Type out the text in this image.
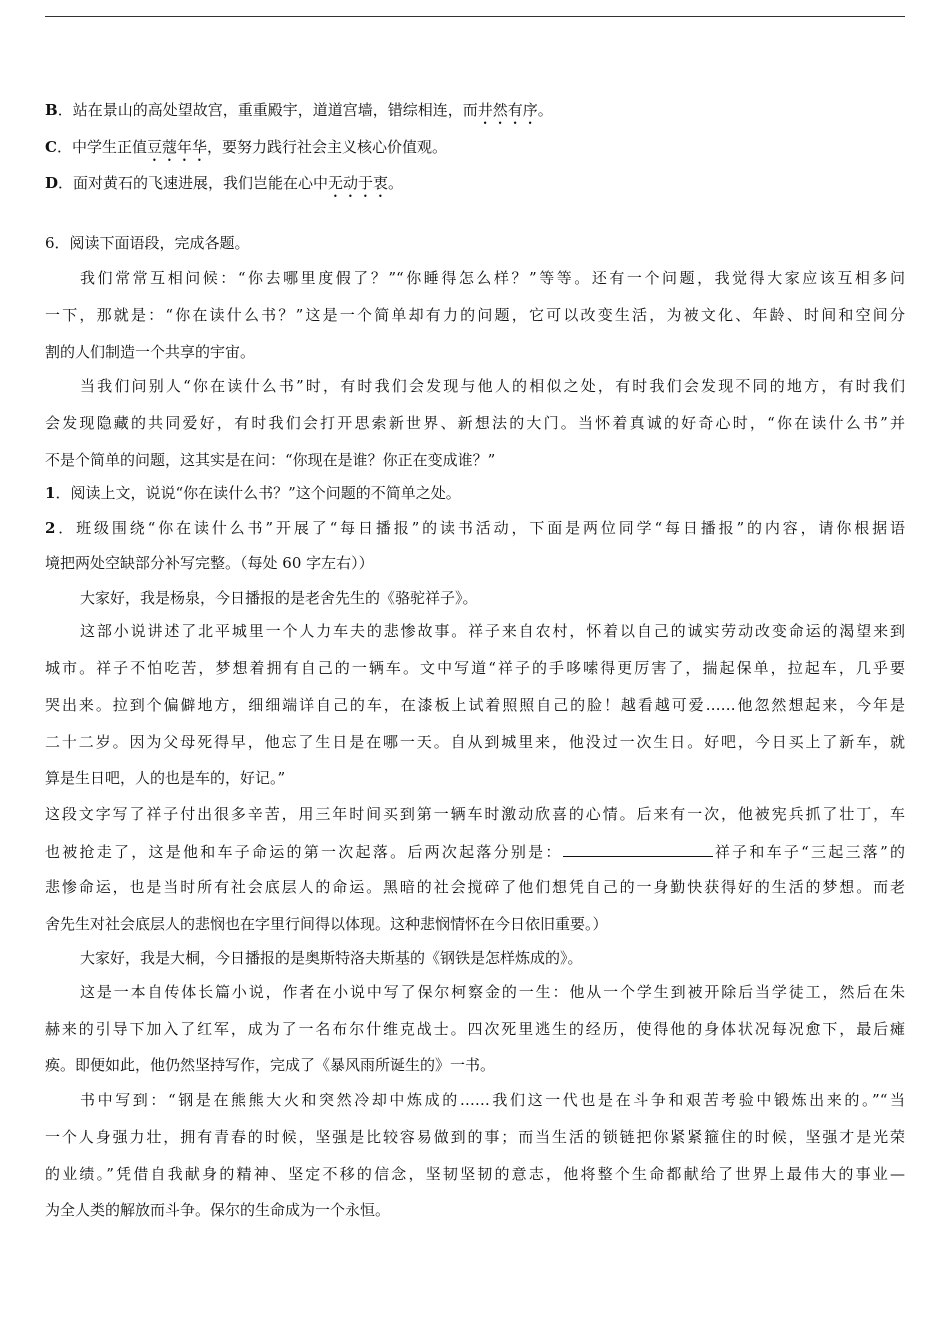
B．站在景山的高处望故宫，重重殿宇，道道宫墙，错综相连，而井然有序。
C．中学生正值豆蔻年华，要努力践行社会主义核心价值观。
D．面对黄石的飞速进展，我们岂能在心中无动于衷。
6．阅读下面语段，完成各题。
我们常常互相问候：“你去哪里度假了？”“你睡得怎么样？”等等。还有一个问题，我觉得大家应该互相多问
一下，那就是：“你在读什么书？”这是一个简单却有力的问题，它可以改变生活，为被文化、年龄、时间和空间分
割的人们制造一个共享的宇宙。
当我们问别人“你在读什么书”时，有时我们会发现与他人的相似之处，有时我们会发现不同的地方，有时我们
会发现隐藏的共同爱好，有时我们会打开思索新世界、新想法的大门。当怀着真诚的好奇心时，“你在读什么书”并
不是个简单的问题，这其实是在问：“你现在是谁？你正在变成谁？”
1．阅读上文，说说“你在读什么书？”这个问题的不简单之处。
2．班级围绕“你在读什么书”开展了“每日播报”的读书活动，下面是两位同学“每日播报”的内容，请你根据语
境把两处空缺部分补写完整。（每处 60 字左右））
大家好，我是杨泉，今日播报的是老舍先生的《骆驼祥子》。
这部小说讲述了北平城里一个人力车夫的悲惨故事。祥子来自农村，怀着以自己的诚实劳动改变命运的渴望来到
城市。祥子不怕吃苦，梦想着拥有自己的一辆车。文中写道“祥子的手哆嗦得更厉害了，揣起保单，拉起车，几乎要
哭出来。拉到个偏僻地方，细细端详自己的车，在漆板上试着照照自己的脸！越看越可爱……他忽然想起来，今年是
二十二岁。因为父母死得早，他忘了生日是在哪一天。自从到城里来，他没过一次生日。好吧，今日买上了新车，就
算是生日吧，人的也是车的，好记。”
这段文字写了祥子付出很多辛苦，用三年时间买到第一辆车时激动欣喜的心情。后来有一次，他被宪兵抓了壮丁，车
也被抢走了，这是他和车子命运的第一次起落。后两次起落分别是：	祥子和车子“三起三落”的
悲惨命运，也是当时所有社会底层人的命运。黑暗的社会搅碎了他们想凭自己的一身勤快获得好的生活的梦想。而老
舍先生对社会底层人的悲悯也在字里行间得以体现。这种悲悯情怀在今日依旧重要。）
大家好，我是大桐，今日播报的是奥斯特洛夫斯基的《钢铁是怎样炼成的》。
这是一本自传体长篇小说，作者在小说中写了保尔柯察金的一生：他从一个学生到被开除后当学徒工，然后在朱
赫来的引导下加入了红军，成为了一名布尔什维克战士。四次死里逃生的经历，使得他的身体状况每况愈下，最后瘫
痪。即便如此，他仍然坚持写作，完成了《暴风雨所诞生的》一书。
书中写到：“钢是在熊熊大火和突然冷却中炼成的……我们这一代也是在斗争和艰苦考验中锻炼出来的。”“当
一个人身强力壮，拥有青春的时候，坚强是比较容易做到的事；而当生活的锁链把你紧紧箍住的时候，坚强才是光荣
的业绩。”凭借自我献身的精神、坚定不移的信念，坚韧坚韧的意志，他将整个生命都献给了世界上最伟大的事业—
为全人类的解放而斗争。保尔的生命成为一个永恒。
